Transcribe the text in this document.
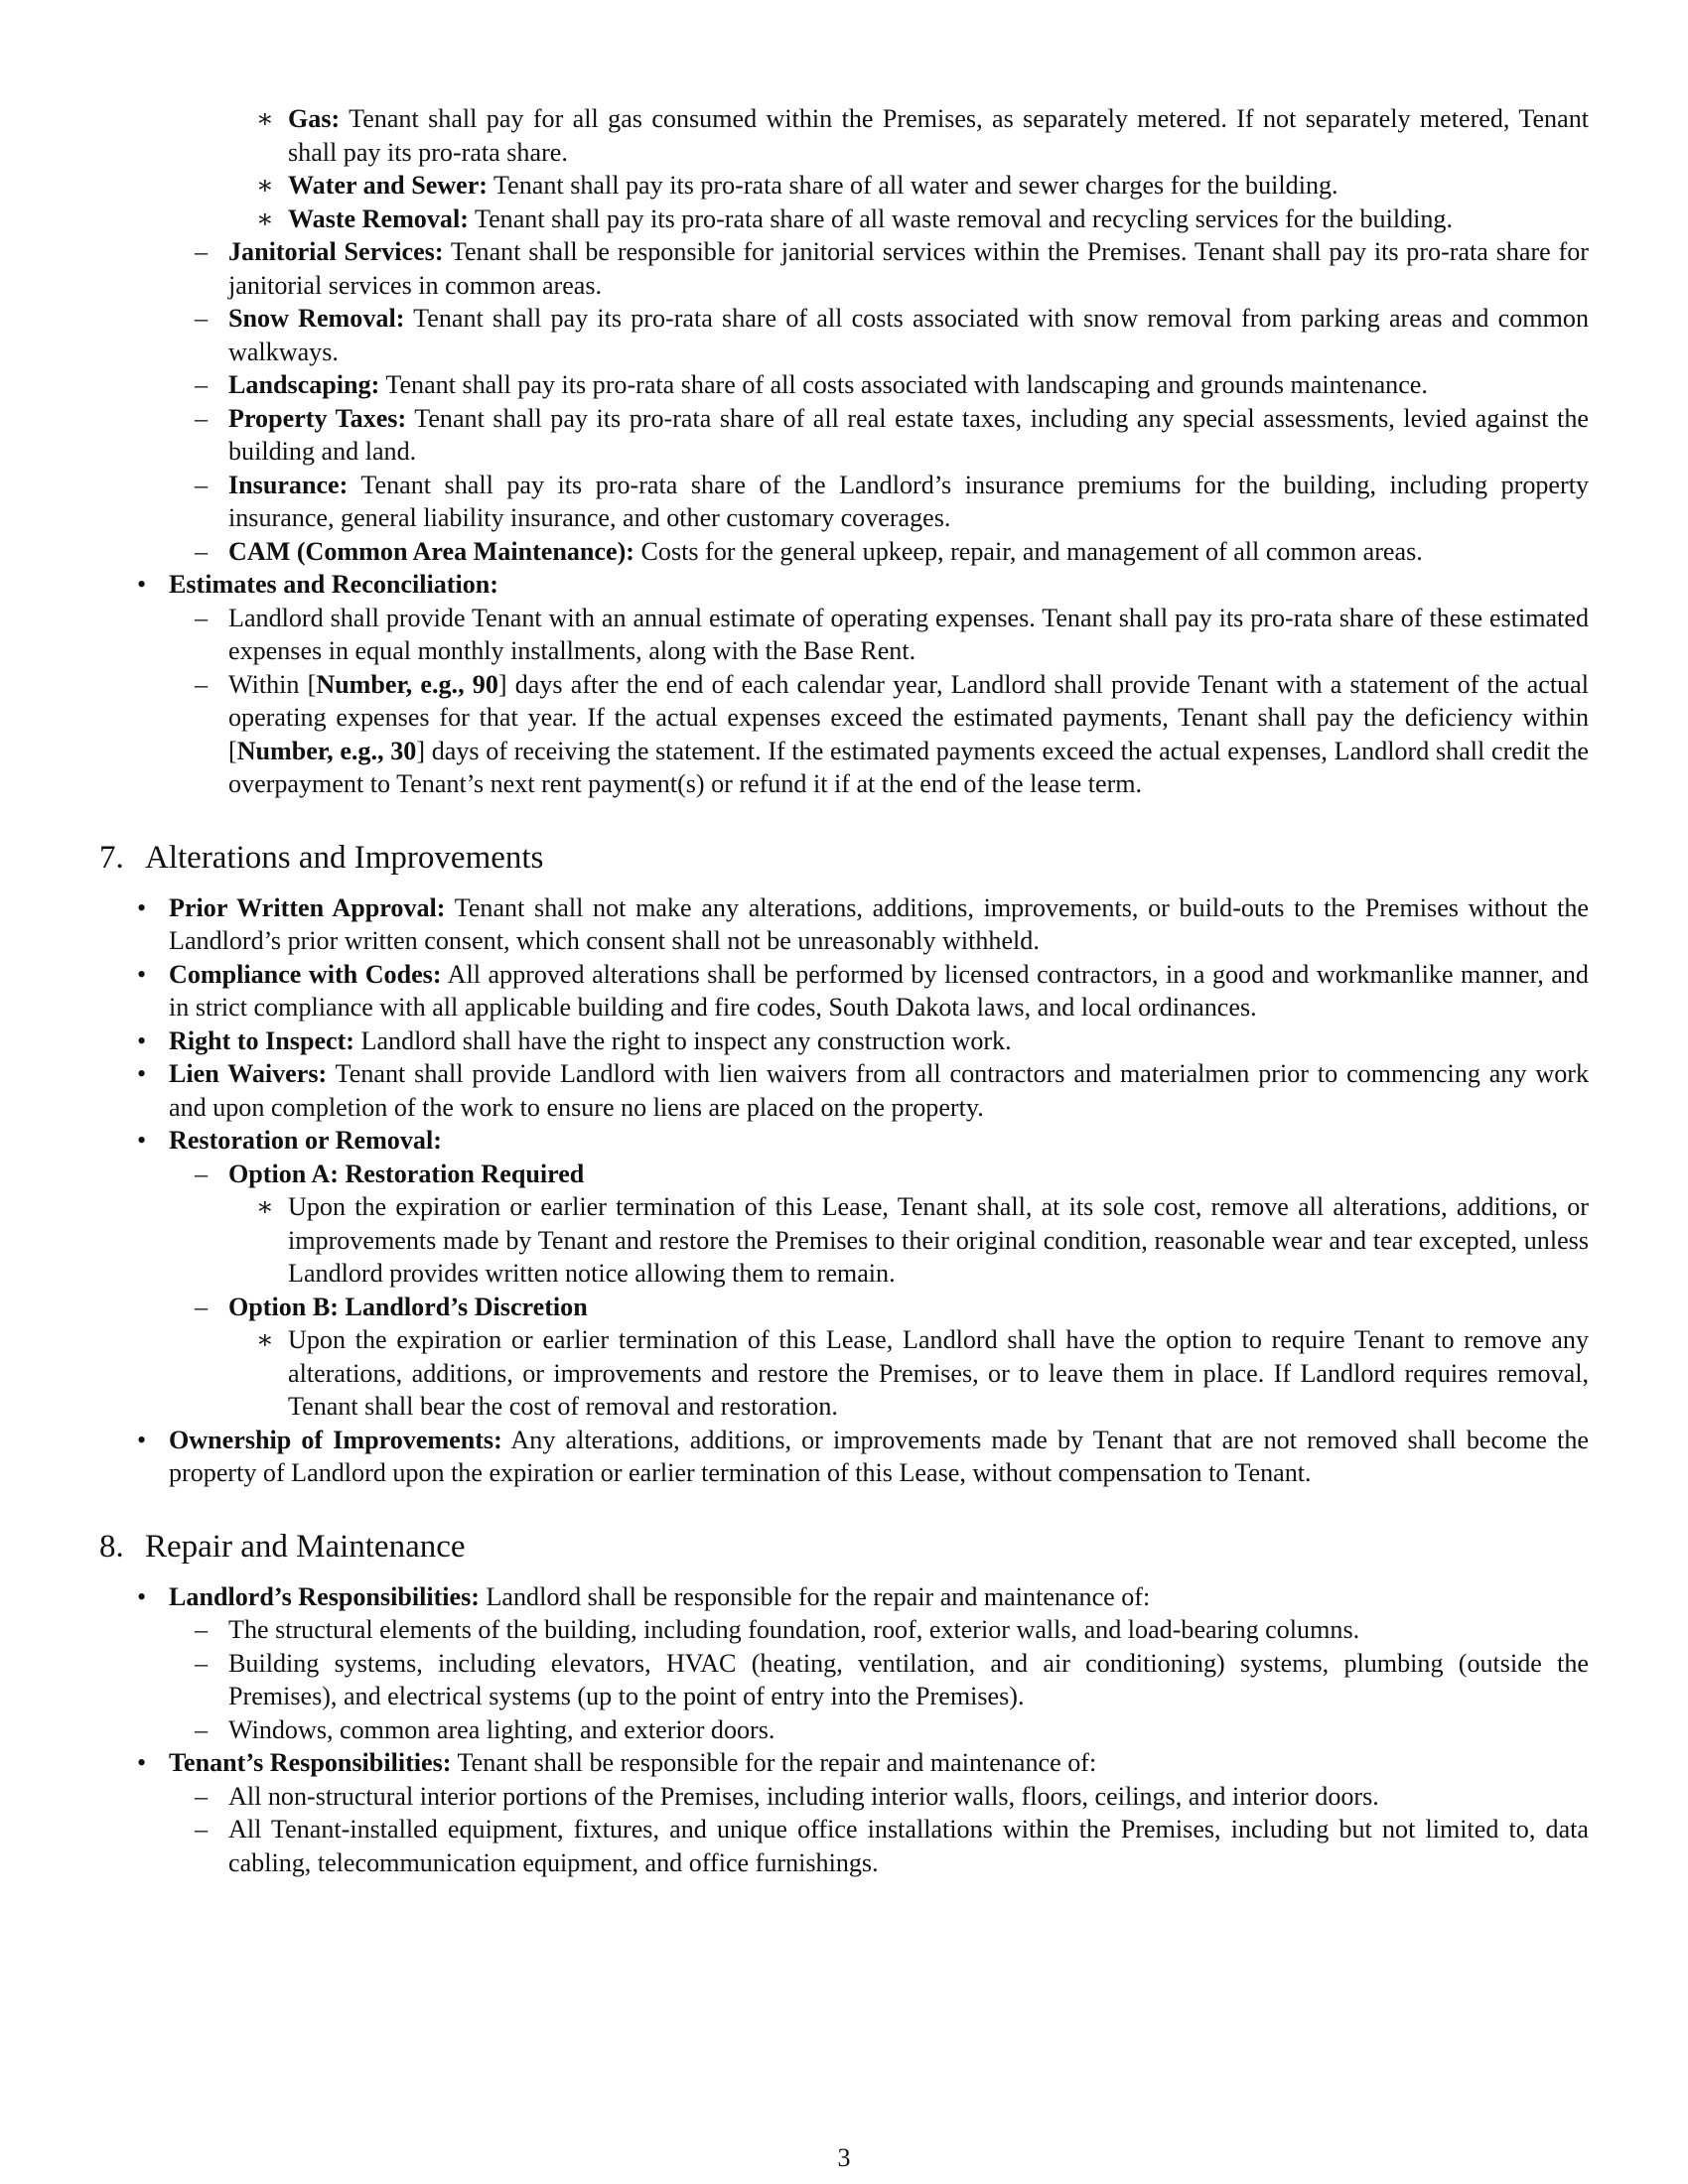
∗ Gas: Tenant shall pay for all gas consumed within the Premises, as separately metered. If not separately metered, Tenant shall pay its pro-rata share.
∗ Water and Sewer: Tenant shall pay its pro-rata share of all water and sewer charges for the building.
∗ Waste Removal: Tenant shall pay its pro-rata share of all waste removal and recycling services for the building.
– Janitorial Services: Tenant shall be responsible for janitorial services within the Premises. Tenant shall pay its pro-rata share for janitorial services in common areas.
– Snow Removal: Tenant shall pay its pro-rata share of all costs associated with snow removal from parking areas and common walkways.
– Landscaping: Tenant shall pay its pro-rata share of all costs associated with landscaping and grounds maintenance.
– Property Taxes: Tenant shall pay its pro-rata share of all real estate taxes, including any special assessments, levied against the building and land.
– Insurance: Tenant shall pay its pro-rata share of the Landlord’s insurance premiums for the building, including property insurance, general liability insurance, and other customary coverages.
– CAM (Common Area Maintenance): Costs for the general upkeep, repair, and management of all common areas.
• Estimates and Reconciliation:
– Landlord shall provide Tenant with an annual estimate of operating expenses. Tenant shall pay its pro-rata share of these estimated expenses in equal monthly installments, along with the Base Rent.
– Within [Number, e.g., 90] days after the end of each calendar year, Landlord shall provide Tenant with a statement of the actual operating expenses for that year. If the actual expenses exceed the estimated payments, Tenant shall pay the deficiency within [Number, e.g., 30] days of receiving the statement. If the estimated payments exceed the actual expenses, Landlord shall credit the overpayment to Tenant’s next rent payment(s) or refund it if at the end of the lease term.
7. Alterations and Improvements
• Prior Written Approval: Tenant shall not make any alterations, additions, improvements, or build-outs to the Premises without the Landlord’s prior written consent, which consent shall not be unreasonably withheld.
• Compliance with Codes: All approved alterations shall be performed by licensed contractors, in a good and workmanlike manner, and in strict compliance with all applicable building and fire codes, South Dakota laws, and local ordinances.
• Right to Inspect: Landlord shall have the right to inspect any construction work.
• Lien Waivers: Tenant shall provide Landlord with lien waivers from all contractors and materialmen prior to commencing any work and upon completion of the work to ensure no liens are placed on the property.
• Restoration or Removal:
– Option A: Restoration Required
∗ Upon the expiration or earlier termination of this Lease, Tenant shall, at its sole cost, remove all alterations, additions, or improvements made by Tenant and restore the Premises to their original condition, reasonable wear and tear excepted, unless Landlord provides written notice allowing them to remain.
– Option B: Landlord’s Discretion
∗ Upon the expiration or earlier termination of this Lease, Landlord shall have the option to require Tenant to remove any alterations, additions, or improvements and restore the Premises, or to leave them in place. If Landlord requires removal, Tenant shall bear the cost of removal and restoration.
• Ownership of Improvements: Any alterations, additions, or improvements made by Tenant that are not removed shall become the property of Landlord upon the expiration or earlier termination of this Lease, without compensation to Tenant.
8. Repair and Maintenance
• Landlord’s Responsibilities: Landlord shall be responsible for the repair and maintenance of:
– The structural elements of the building, including foundation, roof, exterior walls, and load-bearing columns.
– Building systems, including elevators, HVAC (heating, ventilation, and air conditioning) systems, plumbing (outside the Premises), and electrical systems (up to the point of entry into the Premises).
– Windows, common area lighting, and exterior doors.
• Tenant’s Responsibilities: Tenant shall be responsible for the repair and maintenance of:
– All non-structural interior portions of the Premises, including interior walls, floors, ceilings, and interior doors.
– All Tenant-installed equipment, fixtures, and unique office installations within the Premises, including but not limited to, data cabling, telecommunication equipment, and office furnishings.
3
